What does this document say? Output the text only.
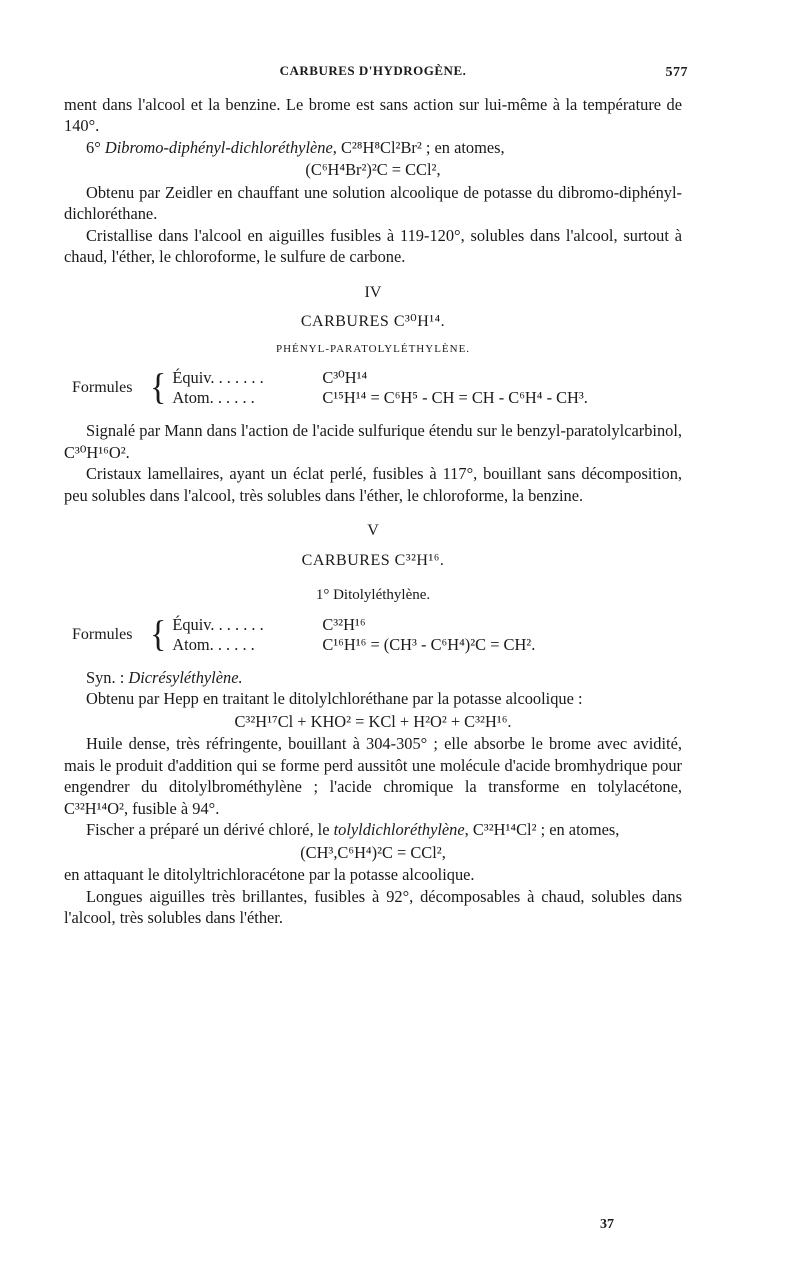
CARBURES D'HYDROGÈNE.	577

ment dans l'alcool et la benzine. Le brome est sans action sur lui-même à la température de 140°.

6° Dibromo-diphényl-dichloréthylène, C²⁸H⁸Cl²Br² ; en atomes,

(C⁶H⁴Br²)²C = CCl²,

Obtenu par Zeidler en chauffant une solution alcoolique de potasse du dibromo-diphényl-dichloréthane.

Cristallise dans l'alcool en aiguilles fusibles à 119-120°, solubles dans l'alcool, surtout à chaud, l'éther, le chloroforme, le sulfure de carbone.

IV
CARBURES C³⁰H¹⁴.
PHÉNYL-PARATOLYLÉTHYLÈNE.
Formules { Équiv. . . . . . .	C³⁰H¹⁴
Atom. . . . . .	C¹⁵H¹⁴ = C⁶H⁵ - CH = CH - C⁶H⁴ - CH³.

Signalé par Mann dans l'action de l'acide sulfurique étendu sur le benzyl-paratolylcarbinol, C³⁰H¹⁶O².

Cristaux lamellaires, ayant un éclat perlé, fusibles à 117°, bouillant sans décomposition, peu solubles dans l'alcool, très solubles dans l'éther, le chloroforme, la benzine.

V
CARBURES C³²H¹⁶.
1° Ditolyléthylène.
Formules { Équiv. . . . . . .	C³²H¹⁶
Atom. . . . . .	C¹⁶H¹⁶ = (CH³ - C⁶H⁴)²C = CH².

Syn. : Dicrésyléthylène.

Obtenu par Hepp en traitant le ditolylchloréthane par la potasse alcoolique :

C³²H¹⁷Cl + KHO² = KCl + H²O² + C³²H¹⁶.

Huile dense, très réfringente, bouillant à 304-305° ; elle absorbe le brome avec avidité, mais le produit d'addition qui se forme perd aussitôt une molécule d'acide bromhydrique pour engendrer du ditolylbrométhylène ; l'acide chromique la transforme en tolylacétone, C³²H¹⁴O², fusible à 94°.

Fischer a préparé un dérivé chloré, le tolyldichloréthylène, C³²H¹⁴Cl² ; en atomes,

(CH³,C⁶H⁴)²C = CCl²,

en attaquant le ditolyltrichloracétone par la potasse alcoolique.

Longues aiguilles très brillantes, fusibles à 92°, décomposables à chaud, solubles dans l'alcool, très solubles dans l'éther.

37
